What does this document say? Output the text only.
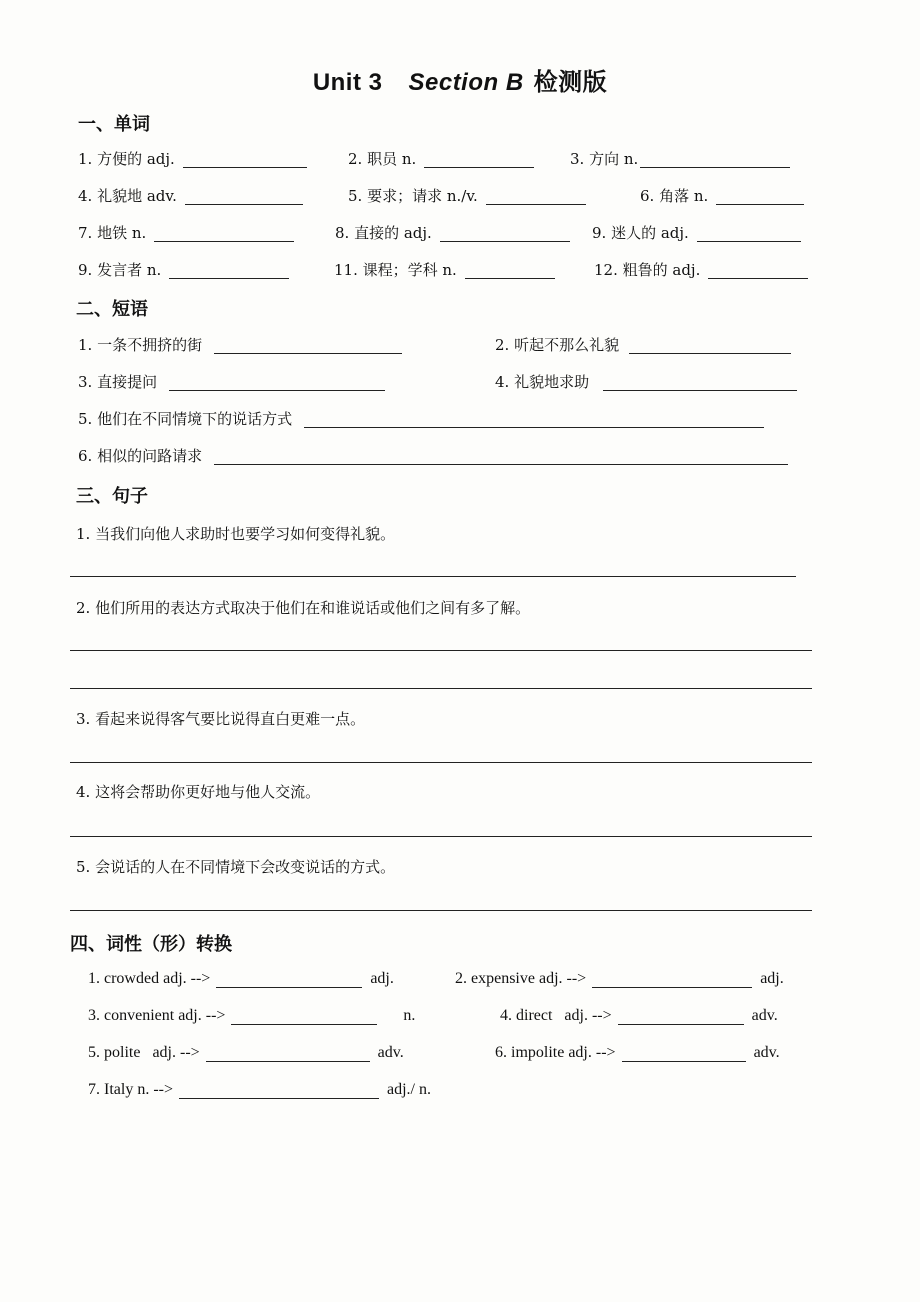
Unit 3 Section B 检测版
一、单词
1. 方便的 adj.	2. 职员 n.	3. 方向 n.
4. 礼貌地 adv.	5. 要求；请求 n./v.	6. 角落 n.
7. 地铁 n.	8. 直接的 adj.	9. 迷人的 adj.
9. 发言者 n.	11. 课程；学科 n.	12. 粗鲁的 adj.
二、短语
1. 一条不拥挤的街	2. 听起不那么礼貌
3. 直接提问	4. 礼貌地求助
5. 他们在不同情境下的说话方式
6. 相似的问路请求
三、句子
1. 当我们向他人求助时也要学习如何变得礼貌。
2. 他们所用的表达方式取决于他们在和谁说话或他们之间有多了解。
3. 看起来说得客气要比说得直白更难一点。
4. 这将会帮助你更好地与他人交流。
5. 会说话的人在不同情境下会改变说话的方式。
四、词性（形）转换
1. crowded adj. -->	adj.	2. expensive adj. -->	adj.
3. convenient adj. -->	n.	4. direct   adj. -->	adv.
5. polite   adj. -->	adv.	6. impolite adj. -->	adv.
7. Italy n. -->	adj./ n.
